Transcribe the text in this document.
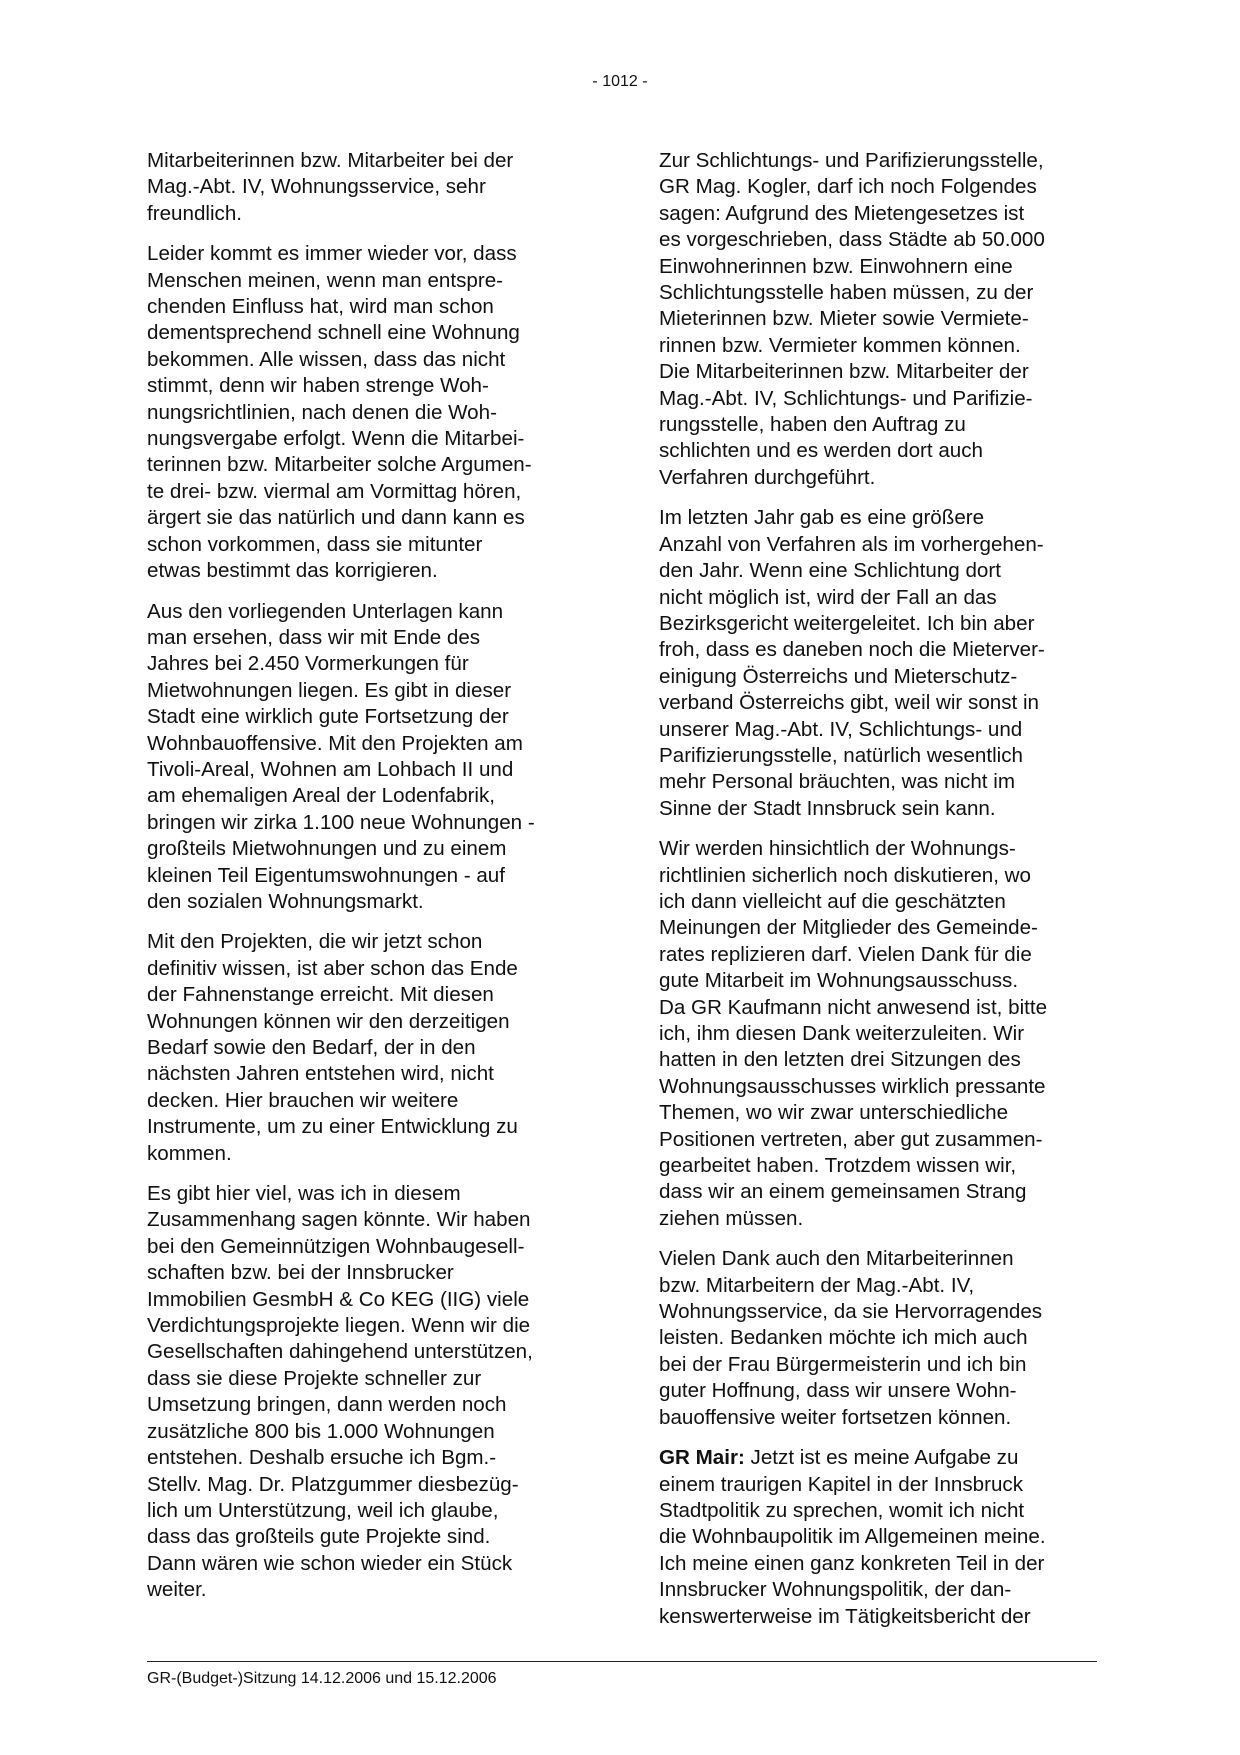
- 1012 -

Mitarbeiterinnen bzw. Mitarbeiter bei der
Mag.-Abt. IV, Wohnungsservice, sehr
freundlich.

Leider kommt es immer wieder vor, dass
Menschen meinen, wenn man entspre-
chenden Einfluss hat, wird man schon
dementsprechend schnell eine Wohnung
bekommen. Alle wissen, dass das nicht
stimmt, denn wir haben strenge Woh-
nungsrichtlinien, nach denen die Woh-
nungsvergabe erfolgt. Wenn die Mitarbei-
terinnen bzw. Mitarbeiter solche Argumen-
te drei- bzw. viermal am Vormittag hören,
ärgert sie das natürlich und dann kann es
schon vorkommen, dass sie mitunter
etwas bestimmt das korrigieren.

Aus den vorliegenden Unterlagen kann
man ersehen, dass wir mit Ende des
Jahres bei 2.450 Vormerkungen für
Mietwohnungen liegen. Es gibt in dieser
Stadt eine wirklich gute Fortsetzung der
Wohnbauoffensive. Mit den Projekten am
Tivoli-Areal, Wohnen am Lohbach II und
am ehemaligen Areal der Lodenfabrik,
bringen wir zirka 1.100 neue Wohnungen -
großteils Mietwohnungen und zu einem
kleinen Teil Eigentumswohnungen - auf
den sozialen Wohnungsmarkt.

Mit den Projekten, die wir jetzt schon
definitiv wissen, ist aber schon das Ende
der Fahnenstange erreicht. Mit diesen
Wohnungen können wir den derzeitigen
Bedarf sowie den Bedarf, der in den
nächsten Jahren entstehen wird, nicht
decken. Hier brauchen wir weitere
Instrumente, um zu einer Entwicklung zu
kommen.

Es gibt hier viel, was ich in diesem
Zusammenhang sagen könnte. Wir haben
bei den Gemeinnützigen Wohnbaugesell-
schaften bzw. bei der Innsbrucker
Immobilien GesmbH & Co KEG (IIG) viele
Verdichtungsprojekte liegen. Wenn wir die
Gesellschaften dahingehend unterstützen,
dass sie diese Projekte schneller zur
Umsetzung bringen, dann werden noch
zusätzliche 800 bis 1.000 Wohnungen
entstehen. Deshalb ersuche ich Bgm.-
Stellv. Mag. Dr. Platzgummer diesbezüg-
lich um Unterstützung, weil ich glaube,
dass das großteils gute Projekte sind.
Dann wären wie schon wieder ein Stück
weiter.

Zur Schlichtungs- und Parifizierungsstelle,
GR Mag. Kogler, darf ich noch Folgendes
sagen: Aufgrund des Mietengesetzes ist
es vorgeschrieben, dass Städte ab 50.000
Einwohnerinnen bzw. Einwohnern eine
Schlichtungsstelle haben müssen, zu der
Mieterinnen bzw. Mieter sowie Vermiete-
rinnen bzw. Vermieter kommen können.
Die Mitarbeiterinnen bzw. Mitarbeiter der
Mag.-Abt. IV, Schlichtungs- und Parifizie-
rungsstelle, haben den Auftrag zu
schlichten und es werden dort auch
Verfahren durchgeführt.

Im letzten Jahr gab es eine größere
Anzahl von Verfahren als im vorhergehen-
den Jahr. Wenn eine Schlichtung dort
nicht möglich ist, wird der Fall an das
Bezirksgericht weitergeleitet. Ich bin aber
froh, dass es daneben noch die Mieterver-
einigung Österreichs und Mieterschutz-
verband Österreichs gibt, weil wir sonst in
unserer Mag.-Abt. IV, Schlichtungs- und
Parifizierungsstelle, natürlich wesentlich
mehr Personal bräuchten, was nicht im
Sinne der Stadt Innsbruck sein kann.

Wir werden hinsichtlich der Wohnungs-
richtlinien sicherlich noch diskutieren, wo
ich dann vielleicht auf die geschätzten
Meinungen der Mitglieder des Gemeinde-
rates replizieren darf. Vielen Dank für die
gute Mitarbeit im Wohnungsausschuss.
Da GR Kaufmann nicht anwesend ist, bitte
ich, ihm diesen Dank weiterzuleiten. Wir
hatten in den letzten drei Sitzungen des
Wohnungsausschusses wirklich pressante
Themen, wo wir zwar unterschiedliche
Positionen vertreten, aber gut zusammen-
gearbeitet haben. Trotzdem wissen wir,
dass wir an einem gemeinsamen Strang
ziehen müssen.

Vielen Dank auch den Mitarbeiterinnen
bzw. Mitarbeitern der Mag.-Abt. IV,
Wohnungsservice, da sie Hervorragendes
leisten. Bedanken möchte ich mich auch
bei der Frau Bürgermeisterin und ich bin
guter Hoffnung, dass wir unsere Wohn-
bauoffensive weiter fortsetzen können.

GR Mair: Jetzt ist es meine Aufgabe zu
einem traurigen Kapitel in der Innsbruck
Stadtpolitik zu sprechen, womit ich nicht
die Wohnbaupolitik im Allgemeinen meine.
Ich meine einen ganz konkreten Teil in der
Innsbrucker Wohnungspolitik, der dan-
kenswerterweise im Tätigkeitsbericht der

GR-(Budget-)Sitzung 14.12.2006 und 15.12.2006
